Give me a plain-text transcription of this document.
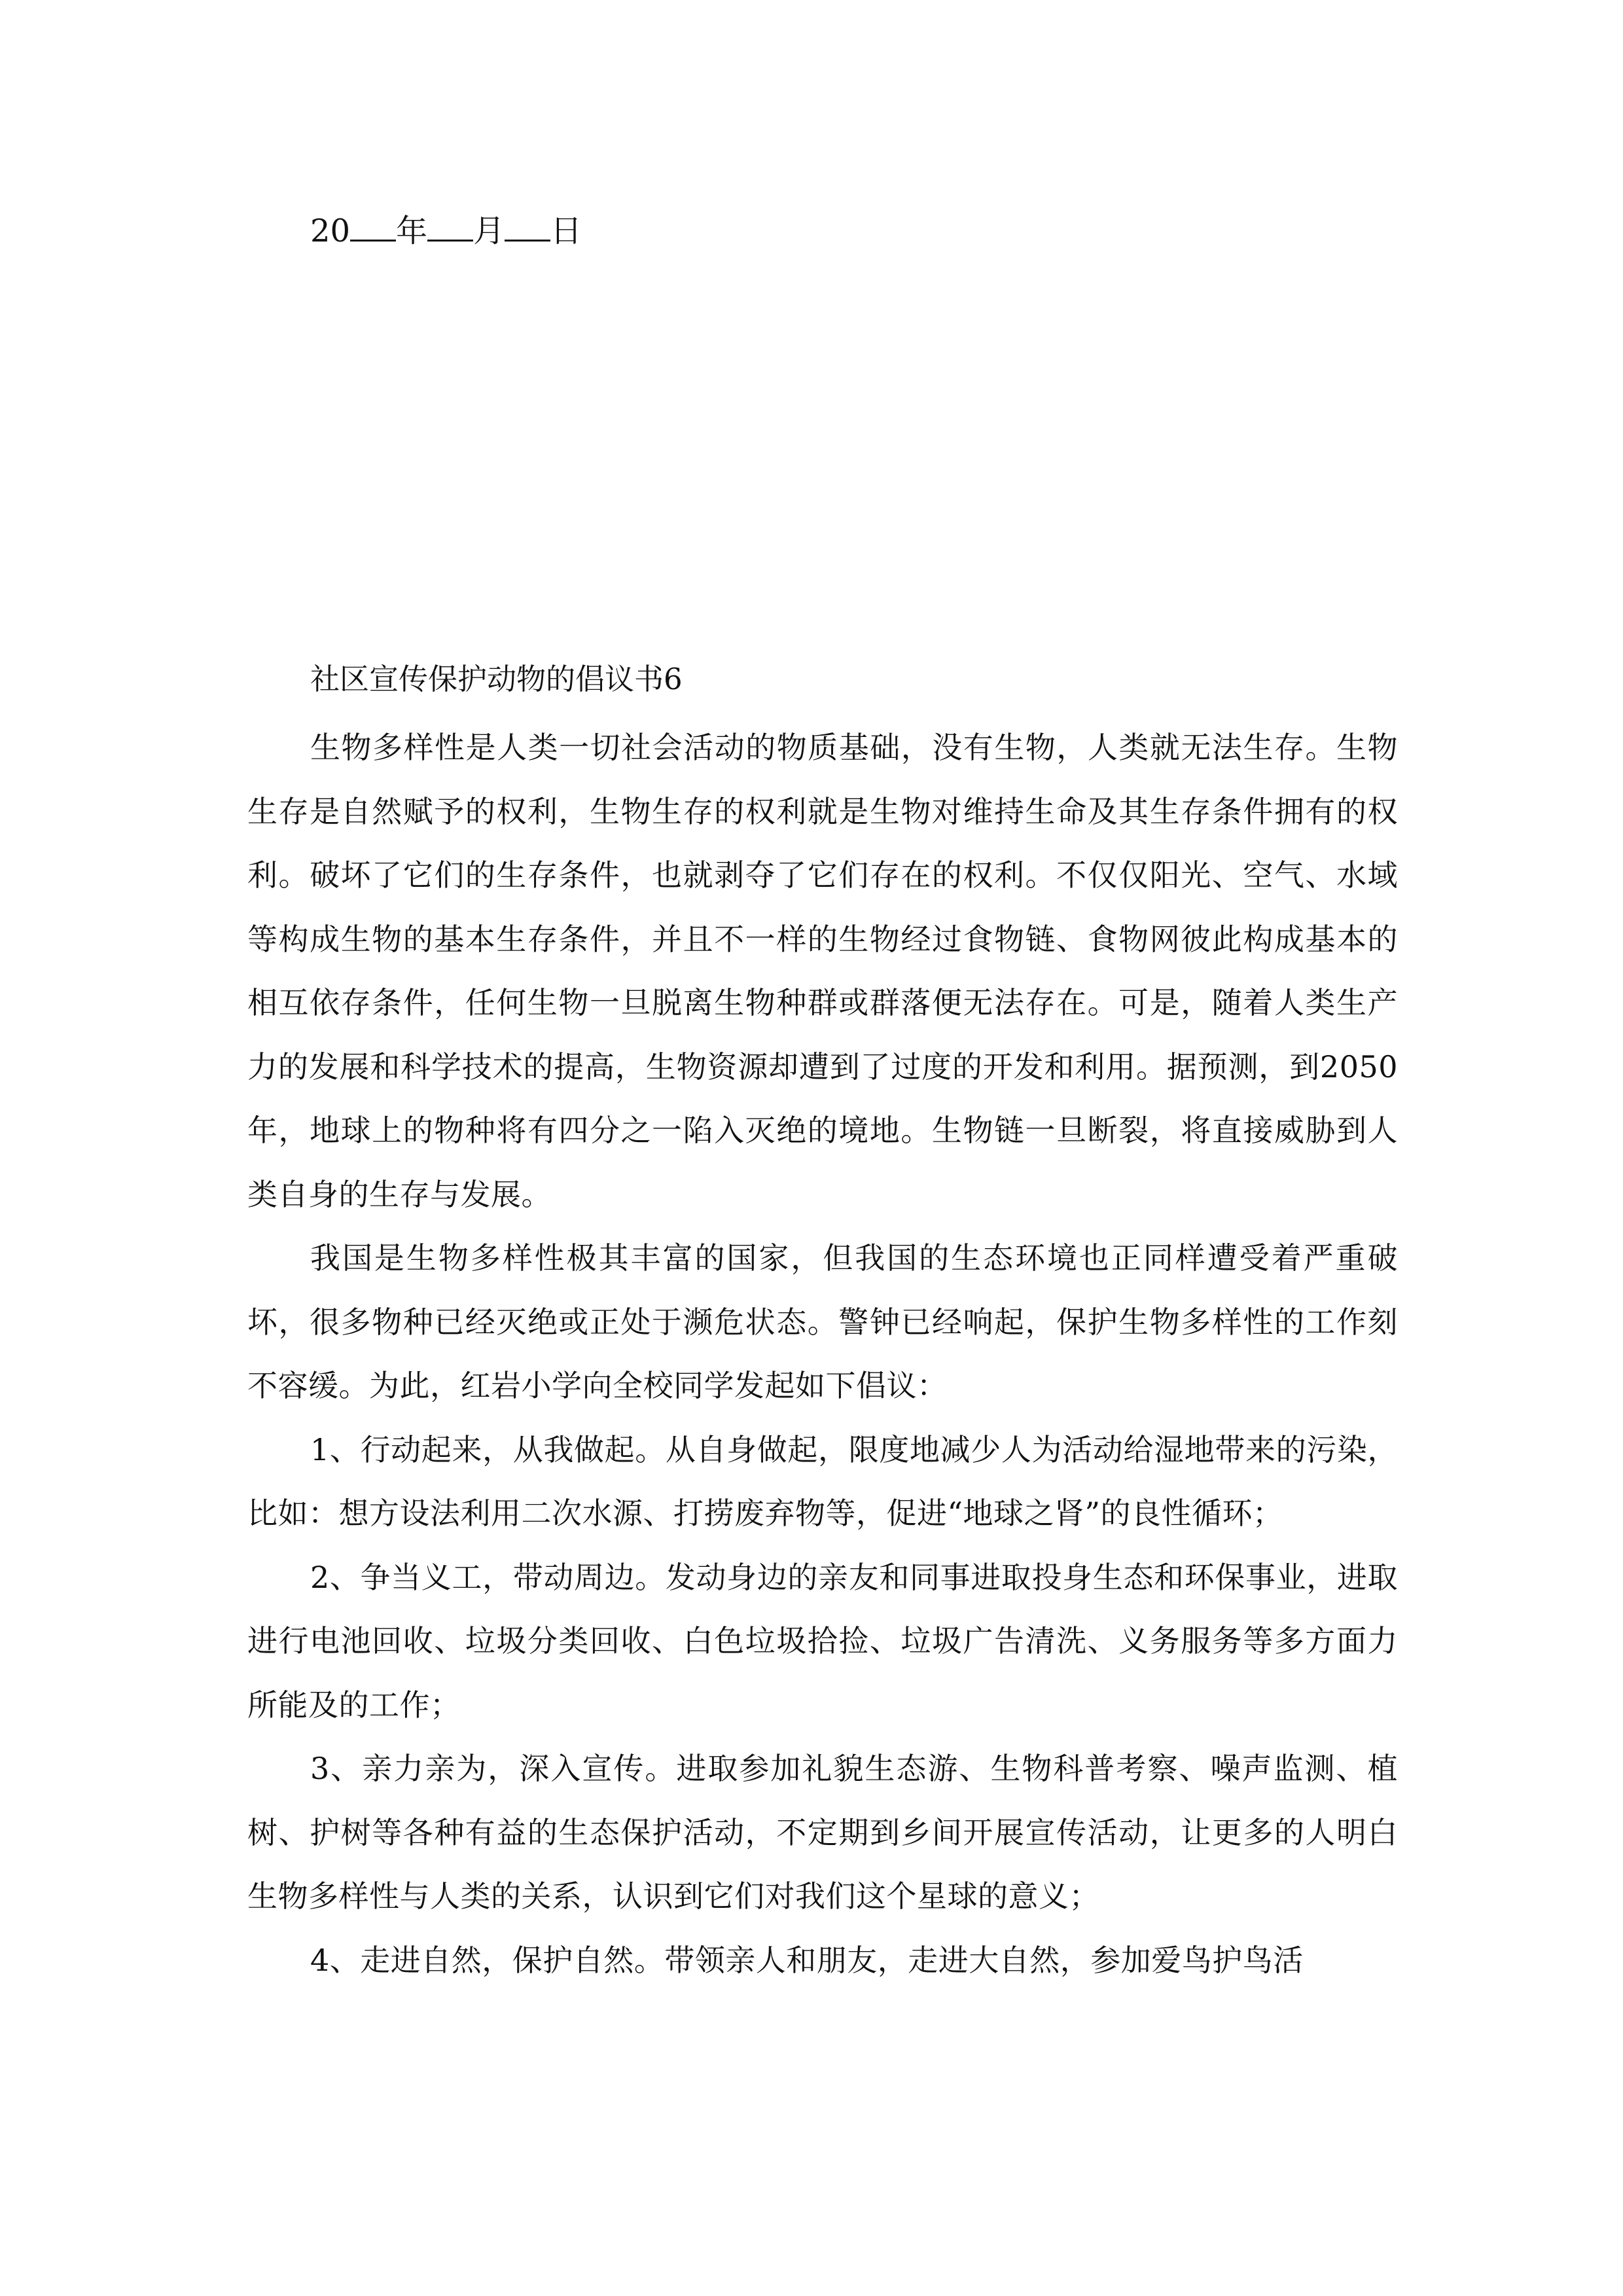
20 年 月 日
社区宣传保护动物的倡议书6

生物多样性是人类一切社会活动的物质基础，没有生物，人类就无法生存。生物生存是自然赋予的权利，生物生存的权利就是生物对维持生命及其生存条件拥有的权利。破坏了它们的生存条件，也就剥夺了它们存在的权利。不仅仅阳光、空气、水域等构成生物的基本生存条件，并且不一样的生物经过食物链、食物网彼此构成基本的相互依存条件，任何生物一旦脱离生物种群或群落便无法存在。可是，随着人类生产力的发展和科学技术的提高，生物资源却遭到了过度的开发和利用。据预测，到2050年，地球上的物种将有四分之一陷入灭绝的境地。生物链一旦断裂，将直接威胁到人类自身的生存与发展。

我国是生物多样性极其丰富的国家，但我国的生态环境也正同样遭受着严重破坏，很多物种已经灭绝或正处于濒危状态。警钟已经响起，保护生物多样性的工作刻不容缓。为此，红岩小学向全校同学发起如下倡议：

1、行动起来，从我做起。从自身做起，限度地减少人为活动给湿地带来的污染，比如：想方设法利用二次水源、打捞废弃物等，促进“地球之肾”的良性循环；

2、争当义工，带动周边。发动身边的亲友和同事进取投身生态和环保事业，进取进行电池回收、垃圾分类回收、白色垃圾拾捡、垃圾广告清洗、义务服务等多方面力所能及的工作；

3、亲力亲为，深入宣传。进取参加礼貌生态游、生物科普考察、噪声监测、植树、护树等各种有益的生态保护活动，不定期到乡间开展宣传活动，让更多的人明白生物多样性与人类的关系，认识到它们对我们这个星球的意义；

4、走进自然，保护自然。带领亲人和朋友，走进大自然，参加爱鸟护鸟活
